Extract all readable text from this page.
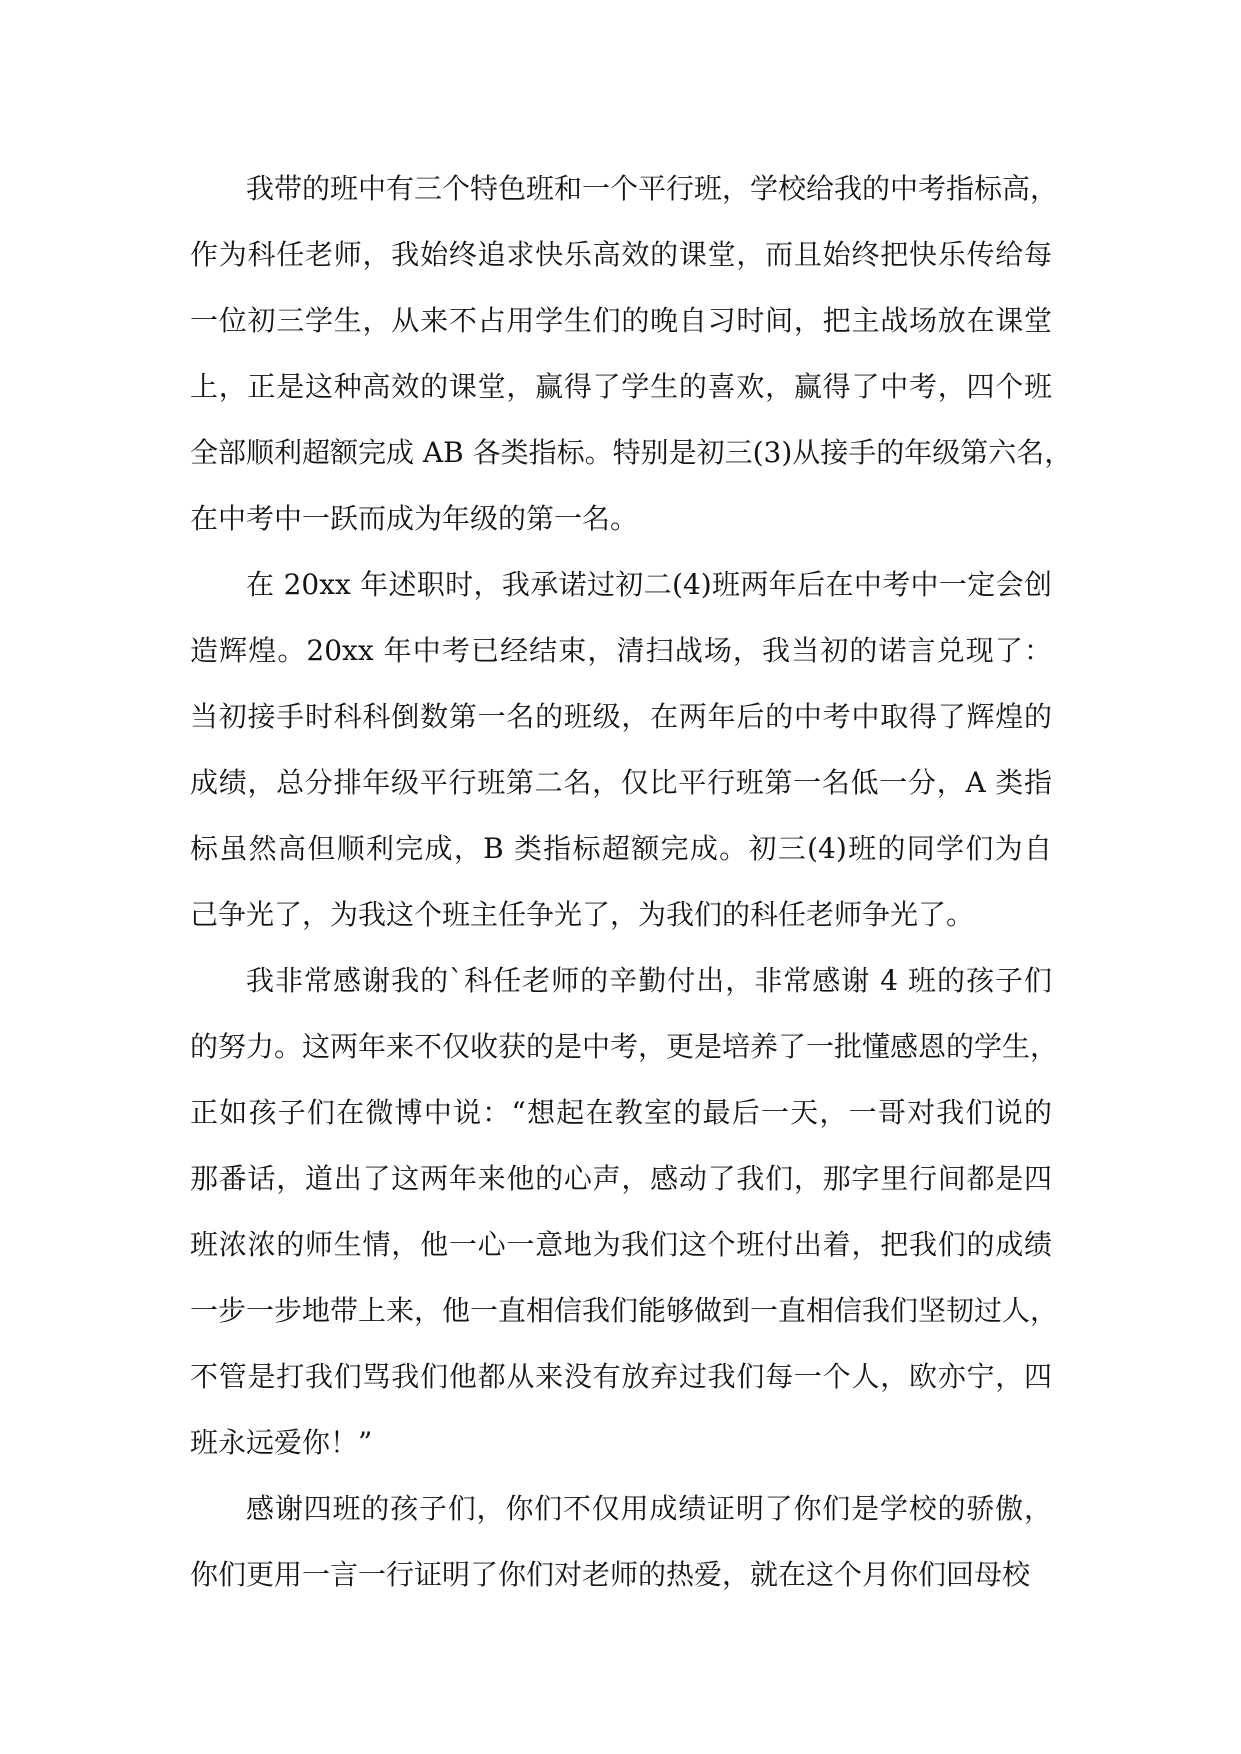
我带的班中有三个特色班和一个平行班，学校给我的中考指标高，
作为科任老师，我始终追求快乐高效的课堂，而且始终把快乐传给每
一位初三学生，从来不占用学生们的晚自习时间，把主战场放在课堂
上，正是这种高效的课堂，赢得了学生的喜欢，赢得了中考，四个班
全部顺利超额完成 AB 各类指标。特别是初三(3)从接手的年级第六名，
在中考中一跃而成为年级的第一名。
在 20xx 年述职时，我承诺过初二(4)班两年后在中考中一定会创
造辉煌。20xx 年中考已经结束，清扫战场，我当初的诺言兑现了：
当初接手时科科倒数第一名的班级，在两年后的中考中取得了辉煌的
成绩，总分排年级平行班第二名，仅比平行班第一名低一分，A 类指
标虽然高但顺利完成，B 类指标超额完成。初三(4)班的同学们为自
己争光了，为我这个班主任争光了，为我们的科任老师争光了。
我非常感谢我的`科任老师的辛勤付出，非常感谢 4 班的孩子们
的努力。这两年来不仅收获的是中考，更是培养了一批懂感恩的学生，
正如孩子们在微博中说：“想起在教室的最后一天，一哥对我们说的
那番话，道出了这两年来他的心声，感动了我们，那字里行间都是四
班浓浓的师生情，他一心一意地为我们这个班付出着，把我们的成绩
一步一步地带上来，他一直相信我们能够做到一直相信我们坚韧过人，
不管是打我们骂我们他都从来没有放弃过我们每一个人，欧亦宁，四
班永远爱你！”
感谢四班的孩子们，你们不仅用成绩证明了你们是学校的骄傲，
你们更用一言一行证明了你们对老师的热爱，就在这个月你们回母校
